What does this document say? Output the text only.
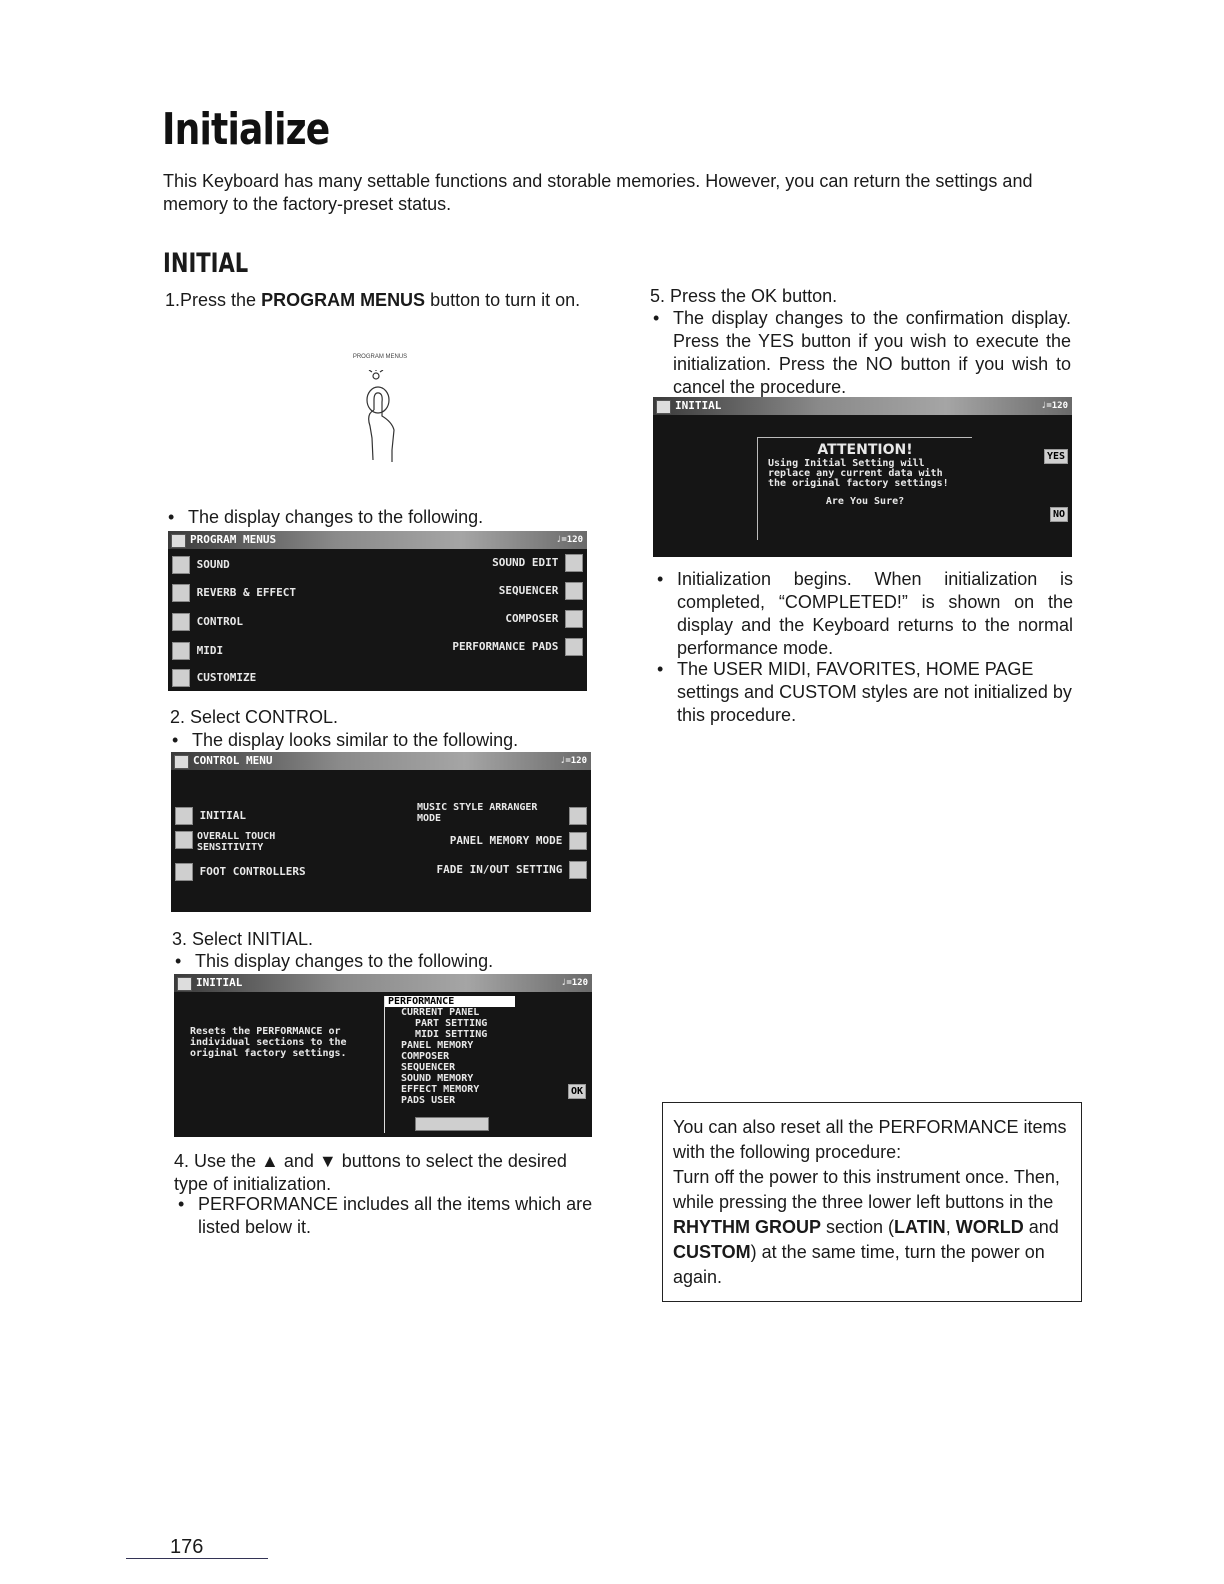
Initialize
This Keyboard has many settable functions and storable memories. However, you can return the settings and memory to the factory-preset status.
INITIAL
1.Press the PROGRAM MENUS button to turn it on.
PROGRAM MENUS
• The display changes to the following.
PROGRAM MENUS	♩=120
SOUND
REVERB & EFFECT
CONTROL
MIDI
CUSTOMIZE
SOUND EDIT
SEQUENCER
COMPOSER
PERFORMANCE PADS
2. Select CONTROL.
• The display looks similar to the following.
CONTROL MENU	♩=120
INITIAL
OVERALL TOUCH SENSITIVITY
FOOT CONTROLLERS
MUSIC STYLE ARRANGER MODE
PANEL MEMORY MODE
FADE IN/OUT SETTING
3. Select INITIAL.
• This display changes to the following.
INITIAL	♩=120
Resets the PERFORMANCE or individual sections to the original factory settings.
PERFORMANCE
CURRENT PANEL
PART SETTING
MIDI SETTING
PANEL MEMORY
COMPOSER
SEQUENCER
SOUND MEMORY
EFFECT MEMORY
PADS USER
OK
4. Use the ▲ and ▼ buttons to select the desired type of initialization.
• PERFORMANCE includes all the items which are listed below it.
5. Press the OK button.
• The display changes to the confirmation display. Press the YES button if you wish to execute the initialization. Press the NO button if you wish to cancel the procedure.
INITIAL	♩=120
ATTENTION!
Using Initial Setting will replace any current data with the original factory settings!
Are You Sure?
YES
NO
• Initialization begins. When initialization is completed, “COMPLETED!” is shown on the display and the Keyboard returns to the normal performance mode.
• The USER MIDI, FAVORITES, HOME PAGE settings and CUSTOM styles are not initialized by this procedure.
You can also reset all the PERFORMANCE items with the following procedure:
Turn off the power to this instrument once. Then, while pressing the three lower left buttons in the RHYTHM GROUP section (LATIN, WORLD and CUSTOM) at the same time, turn the power on again.
176
